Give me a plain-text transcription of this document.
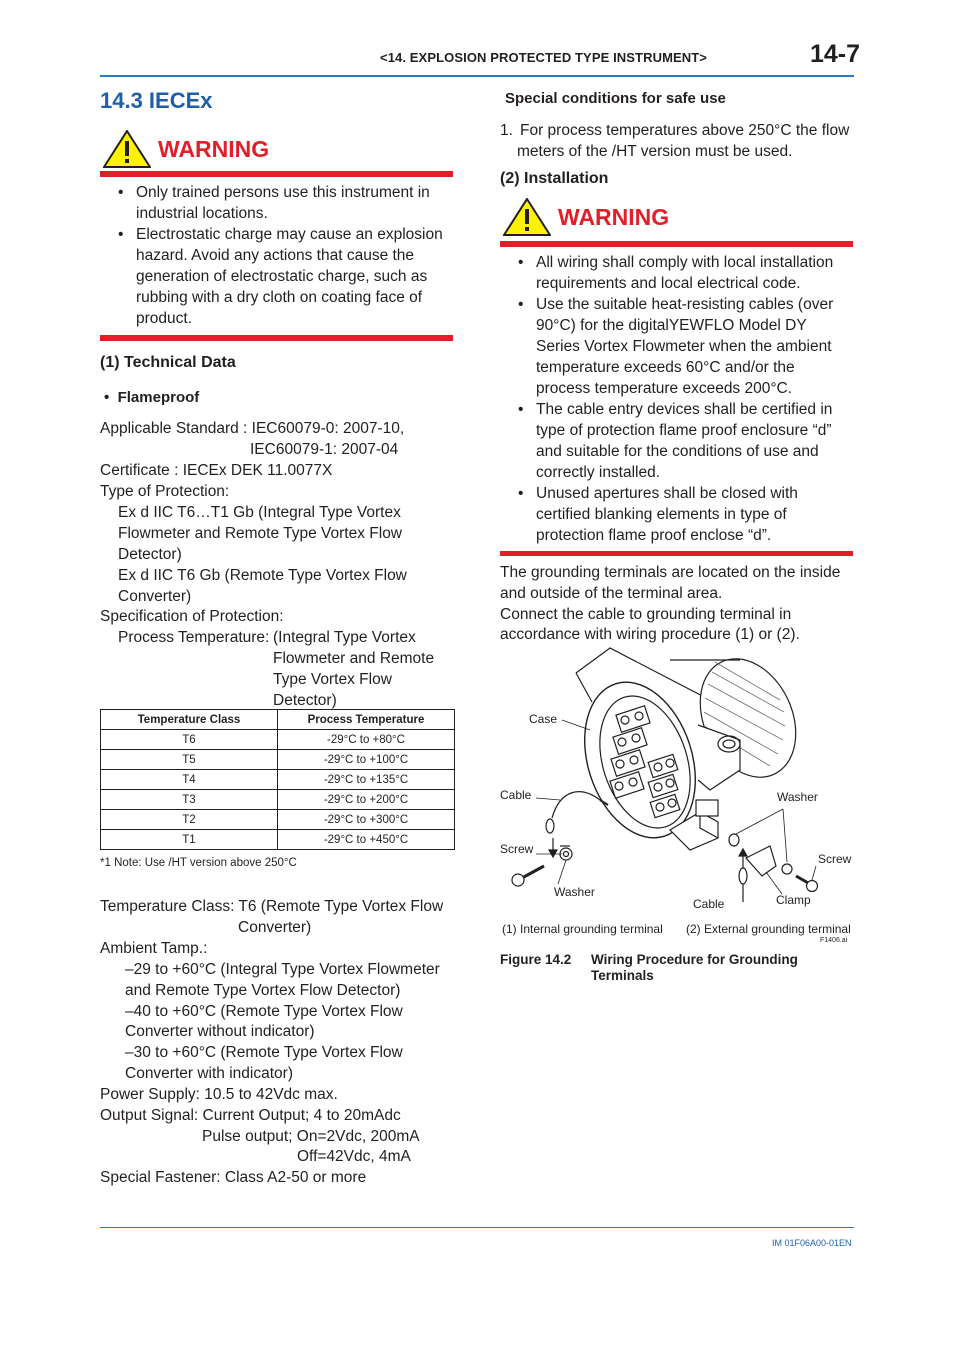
<14. EXPLOSION PROTECTED TYPE INSTRUMENT>	14-7
14.3 IECEx
WARNING
• Only trained persons use this instrument in industrial locations.
• Electrostatic charge may cause an explosion hazard. Avoid any actions that cause the generation of electrostatic charge, such as rubbing with a dry cloth on coating face of product.
(1) Technical Data
•  Flameproof
Applicable Standard : IEC60079-0: 2007-10,
IEC60079-1: 2007-04
Certificate : IECEx DEK 11.0077X
Type of Protection:
Ex d IIC T6…T1 Gb (Integral Type Vortex
Flowmeter and Remote Type Vortex Flow
Detector)
Ex d IIC T6 Gb (Remote Type Vortex Flow
Converter)
Specification of Protection:
Process Temperature: (Integral Type Vortex
Flowmeter and Remote
Type Vortex Flow
Detector)
Temperature Class	Process Temperature
T6	-29°C to +80°C
T5	-29°C to +100°C
T4	-29°C to +135°C
T3	-29°C to +200°C
T2	-29°C to +300°C
T1	-29°C to +450°C
*1 Note: Use /HT version above 250°C
Temperature Class: T6 (Remote Type Vortex Flow
Converter)
Ambient Tamp.:
–29 to +60°C (Integral Type Vortex Flowmeter
and Remote Type Vortex Flow Detector)
–40 to +60°C (Remote Type Vortex Flow
Converter without indicator)
–30 to +60°C (Remote Type Vortex Flow
Converter with indicator)
Power Supply: 10.5 to 42Vdc max.
Output Signal: Current Output; 4 to 20mAdc
Pulse output; On=2Vdc, 200mA
Off=42Vdc, 4mA
Special Fastener: Class A2-50 or more
Special conditions for safe use
1. For process temperatures above 250°C the flow
meters of the /HT version must be used.
(2) Installation
WARNING
• All wiring shall comply with local installation requirements and local electrical code.
• Use the suitable heat-resisting cables (over 90°C) for the digitalYEWFLO Model DY Series Vortex Flowmeter when the ambient temperature exceeds 60°C and/or the process temperature exceeds 200°C.
• The cable entry devices shall be certified in type of protection flame proof enclosure “d” and suitable for the conditions of use and correctly installed.
• Unused apertures shall be closed with certified blanking elements in type of protection flame proof enclose “d”.
The grounding terminals are located on the inside
and outside of the terminal area.
Connect the cable to grounding terminal in
accordance with wiring procedure (1) or (2).
Case
Cable
Screw
Washer
Washer
Screw
Cable	Clamp
(1) Internal grounding terminal (2) External grounding terminal
F1406.ai
Figure 14.2 Wiring Procedure for Grounding
Terminals
IM 01F06A00-01EN
